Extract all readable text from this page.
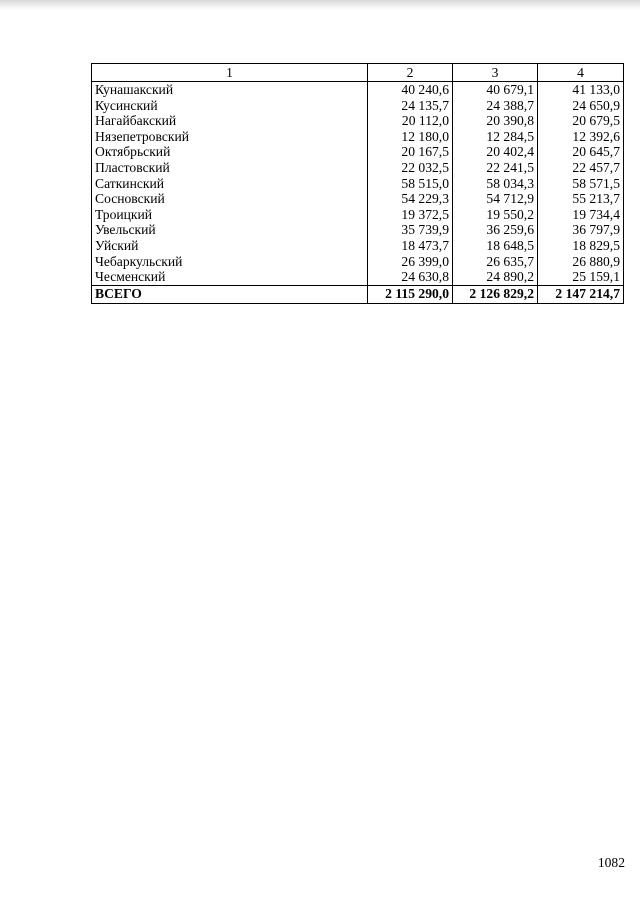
1	2	3	4
Кунашакский	40 240,6	40 679,1	41 133,0
Кусинский	24 135,7	24 388,7	24 650,9
Нагайбакский	20 112,0	20 390,8	20 679,5
Нязепетровский	12 180,0	12 284,5	12 392,6
Октябрьский	20 167,5	20 402,4	20 645,7
Пластовский	22 032,5	22 241,5	22 457,7
Саткинский	58 515,0	58 034,3	58 571,5
Сосновский	54 229,3	54 712,9	55 213,7
Троицкий	19 372,5	19 550,2	19 734,4
Увельский	35 739,9	36 259,6	36 797,9
Уйский	18 473,7	18 648,5	18 829,5
Чебаркульский	26 399,0	26 635,7	26 880,9
Чесменский	24 630,8	24 890,2	25 159,1
ВСЕГО	2 115 290,0	2 126 829,2	2 147 214,7
1082
